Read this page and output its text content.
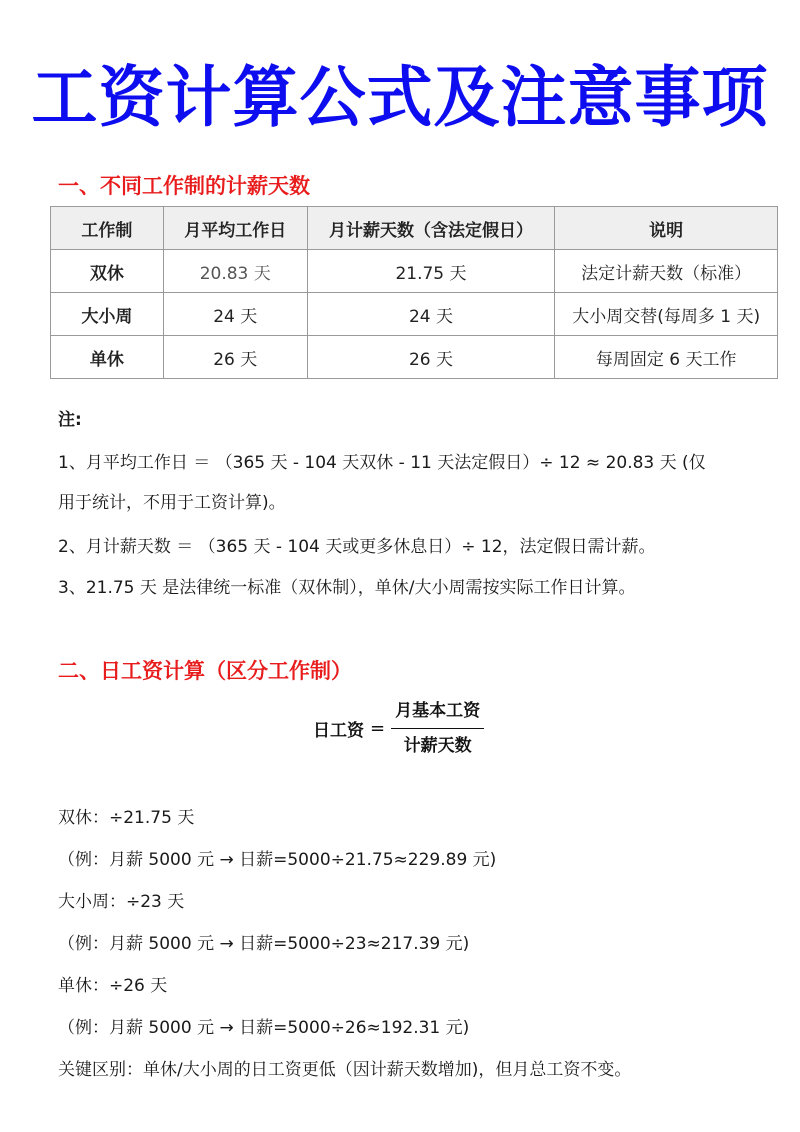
工资计算公式及注意事项
一、不同工作制的计薪天数
工作制	月平均工作日	月计薪天数（含法定假日）	说明
双休	20.83 天	21.75 天	法定计薪天数（标准）
大小周	24 天	24 天	大小周交替(每周多 1 天)
单休	26 天	26 天	每周固定 6 天工作
注:
1、月平均工作日 ＝ （365 天 - 104 天双休 - 11 天法定假日）÷ 12 ≈ 20.83 天 (仅
用于统计，不用于工资计算)。
2、月计薪天数 ＝ （365 天 - 104 天或更多休息日）÷ 12，法定假日需计薪。
3、21.75 天 是法律统一标准（双休制），单休/大小周需按实际工作日计算。
二、日工资计算（区分工作制）
日工资 = $\frac{\text{月基本工资}}{\text{计薪天数}}$
双休：÷21.75 天
（例：月薪 5000 元 → 日薪=5000÷21.75≈229.89 元)
大小周：÷23 天
（例：月薪 5000 元 → 日薪=5000÷23≈217.39 元)
单休：÷26 天
（例：月薪 5000 元 → 日薪=5000÷26≈192.31 元)
关键区别：单休/大小周的日工资更低（因计薪天数增加)，但月总工资不变。
